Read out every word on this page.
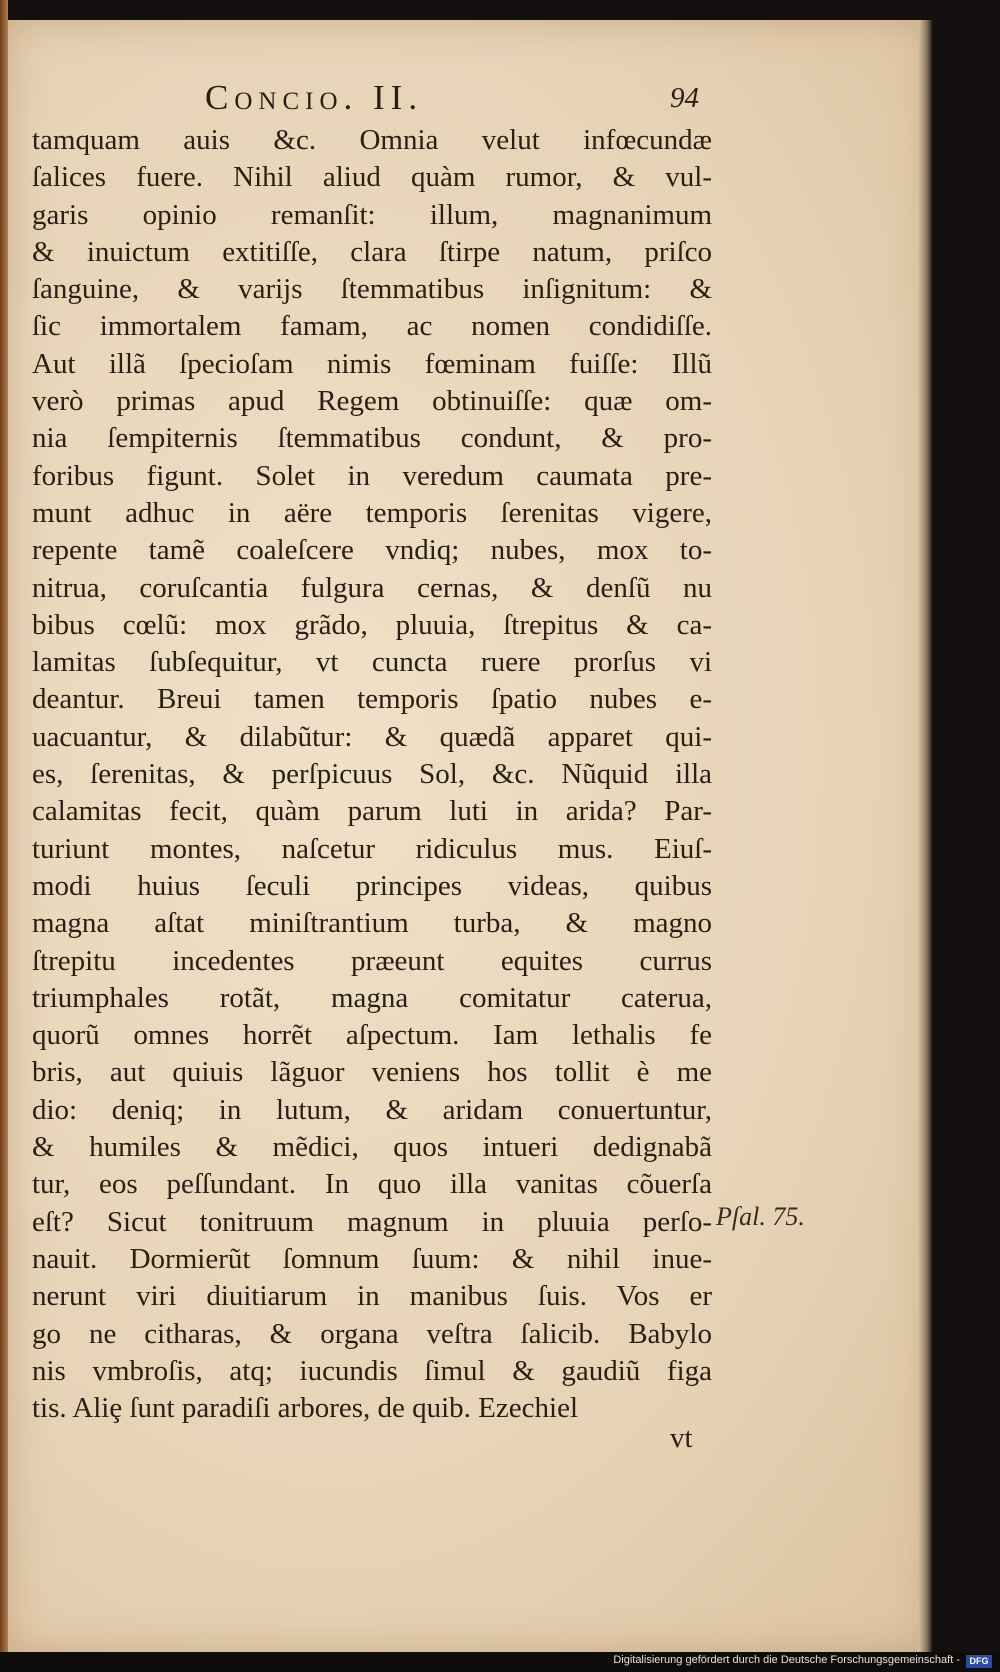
Concio. II.	94
tamquam auis &c. Omnia velut infœcundæ
ſalices fuere. Nihil aliud quàm rumor, & vul-
garis opinio remanſit: illum, magnanimum
& inuictum extitiſſe, clara ſtirpe natum, priſco
ſanguine, & varijs ſtemmatibus inſignitum: &
ſic immortalem famam, ac nomen condidiſſe.
Aut illã ſpecioſam nimis fœminam fuiſſe: Illũ
verò primas apud Regem obtinuiſſe: quæ om-
nia ſempiternis ſtemmatibus condunt, & pro-
foribus figunt. Solet in veredum caumata pre-
munt adhuc in aëre temporis ſerenitas vigere,
repente tamẽ coaleſcere vndiq; nubes, mox to-
nitrua, coruſcantia fulgura cernas, & denſũ nu
bibus cœlũ: mox grãdo, pluuia, ſtrepitus & ca-
lamitas ſubſequitur, vt cuncta ruere prorſus vi
deantur. Breui tamen temporis ſpatio nubes e-
uacuantur, & dilabũtur: & quædã apparet qui-
es, ſerenitas, & perſpicuus Sol, &c. Nũquid illa
calamitas fecit, quàm parum luti in arida? Par-
turiunt montes, naſcetur ridiculus mus. Eiuſ-
modi huius ſeculi principes videas, quibus
magna aſtat miniſtrantium turba, & magno
ſtrepitu incedentes præeunt equites currus
triumphales rotãt, magna comitatur caterua,
quorũ omnes horrẽt aſpectum. Iam lethalis fe
bris, aut quiuis lãguor veniens hos tollit è me
dio: deniq; in lutum, & aridam conuertuntur,
& humiles & mẽdici, quos intueri dedignabã
tur, eos peſſundant. In quo illa vanitas cõuerſa
eſt? Sicut tonitruum magnum in pluuia perſo-
nauit. Dormierũt ſomnum ſuum: & nihil inue-
nerunt viri diuitiarum in manibus ſuis. Vos er
go ne citharas, & organa veſtra ſalicib. Babylo
nis vmbroſis, atq; iucundis ſimul & gaudiũ figa
tis. Aliȩ ſunt paradiſi arbores, de quib. Ezechiel
Pſal. 75.
vt
Digitalisierung gefördert durch die Deutsche Forschungsgemeinschaft -	DFG
